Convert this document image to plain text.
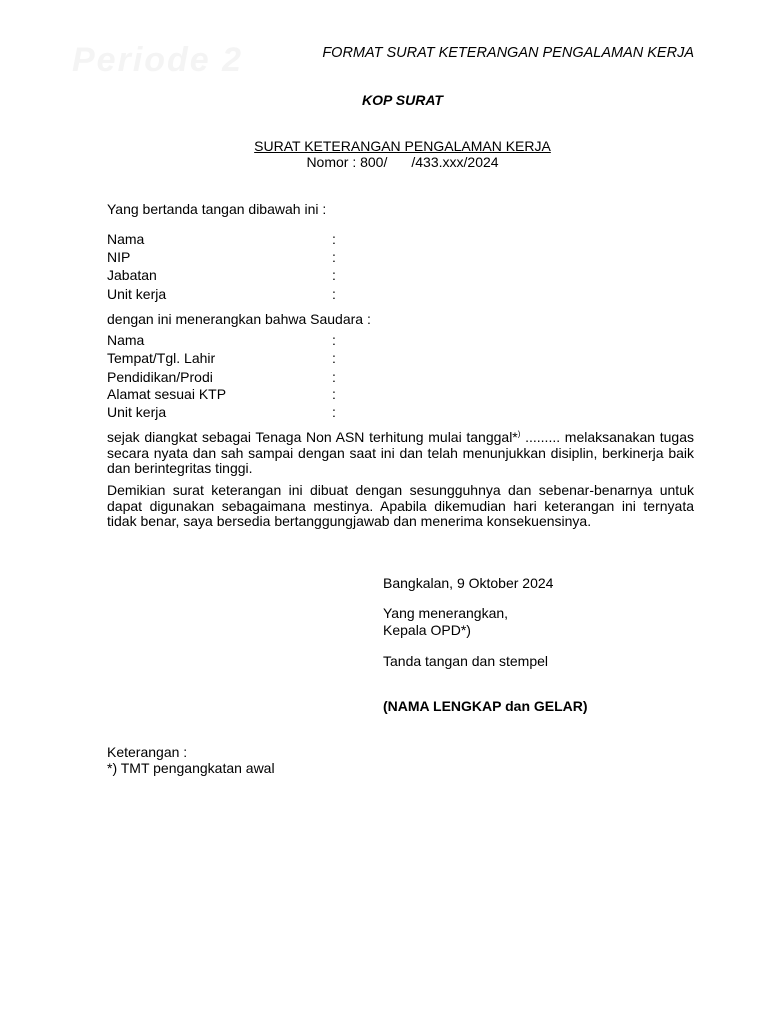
Periode 2	FORMAT SURAT KETERANGAN PENGALAMAN KERJA
KOP SURAT
SURAT KETERANGAN PENGALAMAN KERJA
Nomor : 800/ /433.xxx/2024
Yang bertanda tangan dibawah ini :
Nama	:
NIP	:
Jabatan	:
Unit kerja	:
dengan ini menerangkan bahwa Saudara :
Nama	:
Tempat/Tgl. Lahir	:
Pendidikan/Prodi	:
Alamat sesuai KTP	:
Unit kerja	:
sejak diangkat sebagai Tenaga Non ASN terhitung mulai tanggal*) ......... melaksanakan tugas secara nyata dan sah sampai dengan saat ini dan telah menunjukkan disiplin, berkinerja baik dan berintegritas tinggi.
Demikian surat keterangan ini dibuat dengan sesungguhnya dan sebenar-benarnya untuk dapat digunakan sebagaimana mestinya. Apabila dikemudian hari keterangan ini ternyata tidak benar, saya bersedia bertanggungjawab dan menerima konsekuensinya.
Bangkalan, 9 Oktober 2024
Yang menerangkan,
Kepala OPD*)
Tanda tangan dan stempel
(NAMA LENGKAP dan GELAR)
Keterangan :
*) TMT pengangkatan awal
